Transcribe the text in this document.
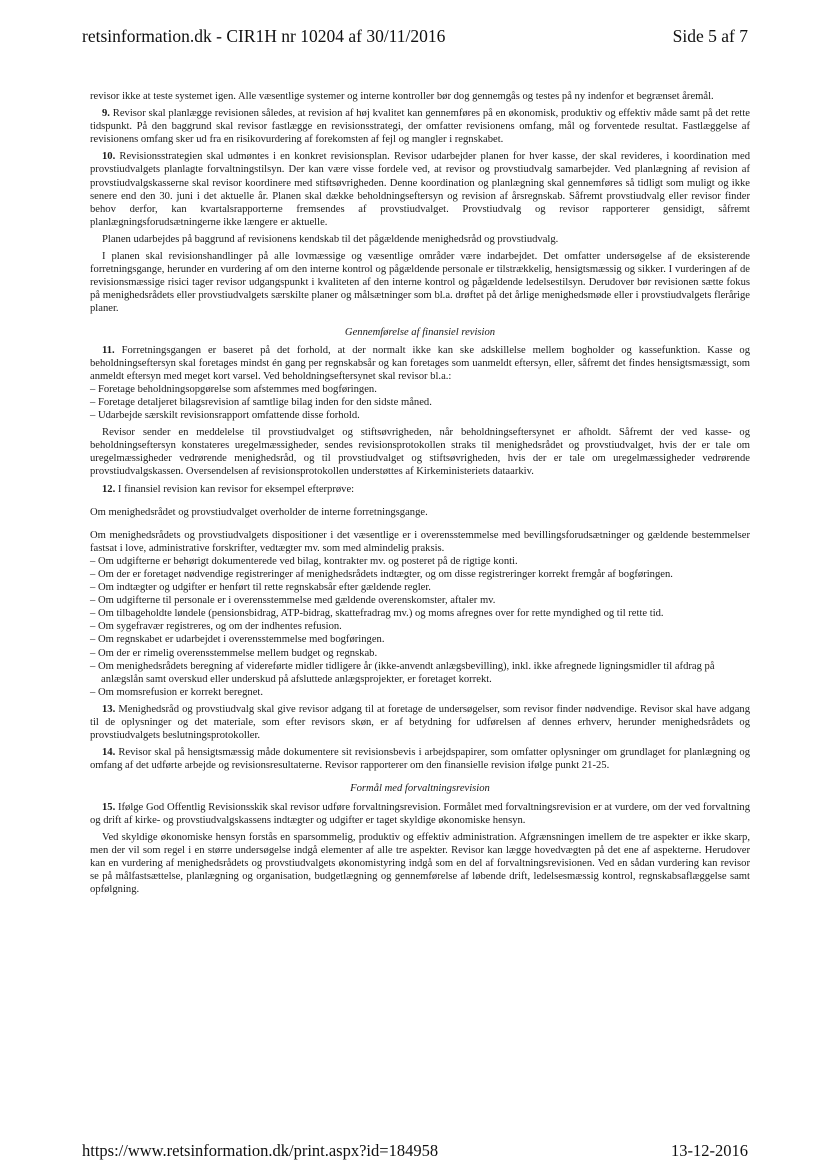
retsinformation.dk - CIR1H nr 10204 af 30/11/2016	Side 5 af 7

revisor ikke at teste systemet igen. Alle væsentlige systemer og interne kontroller bør dog gennemgås og testes på ny indenfor et begrænset åremål.

9. Revisor skal planlægge revisionen således, at revision af høj kvalitet kan gennemføres på en økonomisk, produktiv og effektiv måde samt på det rette tidspunkt. På den baggrund skal revisor fastlægge en revisionsstrategi, der omfatter revisionens omfang, mål og forventede resultat. Fastlæggelse af revisionens omfang sker ud fra en risikovurdering af forekomsten af fejl og mangler i regnskabet.

10. Revisionsstrategien skal udmøntes i en konkret revisionsplan. Revisor udarbejder planen for hver kasse, der skal revideres, i koordination med provstiudvalgets planlagte forvaltningstilsyn. Der kan være visse fordele ved, at revisor og provstiudvalg samarbejder. Ved planlægning af revision af provstiudvalgskasserne skal revisor koordinere med stiftsøvrigheden. Denne koordination og planlægning skal gennemføres så tidligt som muligt og ikke senere end den 30. juni i det aktuelle år. Planen skal dække beholdningseftersyn og revision af årsregnskab. Såfremt provstiudvalg eller revisor finder behov derfor, kan kvartalsrapporterne fremsendes af provstiudvalget. Provstiudvalg og revisor rapporterer gensidigt, såfremt planlægningsforudsætningerne ikke længere er aktuelle.

Planen udarbejdes på baggrund af revisionens kendskab til det pågældende menighedsråd og provstiudvalg.

I planen skal revisionshandlinger på alle lovmæssige og væsentlige områder være indarbejdet. Det omfatter undersøgelse af de eksisterende forretningsgange, herunder en vurdering af om den interne kontrol og pågældende personale er tilstrækkelig, hensigtsmæssig og sikker. I vurderingen af de revisionsmæssige risici tager revisor udgangspunkt i kvaliteten af den interne kontrol og pågældende ledelsestilsyn. Derudover bør revisionen sætte fokus på menighedsrådets eller provstiudvalgets særskilte planer og målsætninger som bl.a. drøftet på det årlige menighedsmøde eller i provstiudvalgets flerårige planer.

Gennemførelse af finansiel revision

11. Forretningsgangen er baseret på det forhold, at der normalt ikke kan ske adskillelse mellem bogholder og kassefunktion. Kasse og beholdningseftersyn skal foretages mindst én gang per regnskabsår og kan foretages som uanmeldt eftersyn, eller, såfremt det findes hensigtsmæssigt, som anmeldt eftersyn med meget kort varsel. Ved beholdningseftersynet skal revisor bl.a.:

– Foretage beholdningsopgørelse som afstemmes med bogføringen.

– Foretage detaljeret bilagsrevision af samtlige bilag inden for den sidste måned.

– Udarbejde særskilt revisionsrapport omfattende disse forhold.

Revisor sender en meddelelse til provstiudvalget og stiftsøvrigheden, når beholdningseftersynet er afholdt. Såfremt der ved kasse- og beholdningseftersyn konstateres uregelmæssigheder, sendes revisionsprotokollen straks til menighedsrådet og provstiudvalget, hvis der er tale om uregelmæssigheder vedrørende menighedsråd, og til provstiudvalget og stiftsøvrigheden, hvis der er tale om uregelmæssigheder vedrørende provstiudvalgskassen. Oversendelsen af revisionsprotokollen understøttes af Kirkeministeriets dataarkiv.

12. I finansiel revision kan revisor for eksempel efterprøve:

Om menighedsrådet og provstiudvalget overholder de interne forretningsgange.

Om menighedsrådets og provstiudvalgets dispositioner i det væsentlige er i overensstemmelse med bevillingsforudsætninger og gældende bestemmelser fastsat i love, administrative forskrifter, vedtægter mv. som med almindelig praksis.

– Om udgifterne er behørigt dokumenterede ved bilag, kontrakter mv. og posteret på de rigtige konti.

– Om der er foretaget nødvendige registreringer af menighedsrådets indtægter, og om disse registreringer korrekt fremgår af bogføringen.

– Om indtægter og udgifter er henført til rette regnskabsår efter gældende regler.

– Om udgifterne til personale er i overensstemmelse med gældende overenskomster, aftaler mv.

– Om tilbageholdte løndele (pensionsbidrag, ATP-bidrag, skattefradrag mv.) og moms afregnes over for rette myndighed og til rette tid.

– Om sygefravær registreres, og om der indhentes refusion.

– Om regnskabet er udarbejdet i overensstemmelse med bogføringen.

– Om der er rimelig overensstemmelse mellem budget og regnskab.

– Om menighedsrådets beregning af videreførte midler tidligere år (ikke-anvendt anlægsbevilling), inkl. ikke afregnede ligningsmidler til afdrag på anlægslån samt overskud eller underskud på afsluttede anlægsprojekter, er foretaget korrekt.

– Om momsrefusion er korrekt beregnet.

13. Menighedsråd og provstiudvalg skal give revisor adgang til at foretage de undersøgelser, som revisor finder nødvendige. Revisor skal have adgang til de oplysninger og det materiale, som efter revisors skøn, er af betydning for udførelsen af dennes erhverv, herunder menighedsrådets og provstiudvalgets beslutningsprotokoller.

14. Revisor skal på hensigtsmæssig måde dokumentere sit revisionsbevis i arbejdspapirer, som omfatter oplysninger om grundlaget for planlægning og omfang af det udførte arbejde og revisionsresultaterne. Revisor rapporterer om den finansielle revision ifølge punkt 21-25.

Formål med forvaltningsrevision

15. Ifølge God Offentlig Revisionsskik skal revisor udføre forvaltningsrevision. Formålet med forvaltningsrevision er at vurdere, om der ved forvaltning og drift af kirke- og provstiudvalgskassens indtægter og udgifter er taget skyldige økonomiske hensyn.

Ved skyldige økonomiske hensyn forstås en sparsommelig, produktiv og effektiv administration. Afgrænsningen imellem de tre aspekter er ikke skarp, men der vil som regel i en større undersøgelse indgå elementer af alle tre aspekter. Revisor kan lægge hovedvægten på det ene af aspekterne. Herudover kan en vurdering af menighedsrådets og provstiudvalgets økonomistyring indgå som en del af forvaltningsrevisionen. Ved en sådan vurdering kan revisor se på målfastsættelse, planlægning og organisation, budgetlægning og gennemførelse af løbende drift, ledelsesmæssig kontrol, regnskabsaflæggelse samt opfølgning.

https://www.retsinformation.dk/print.aspx?id=184958	13-12-2016
